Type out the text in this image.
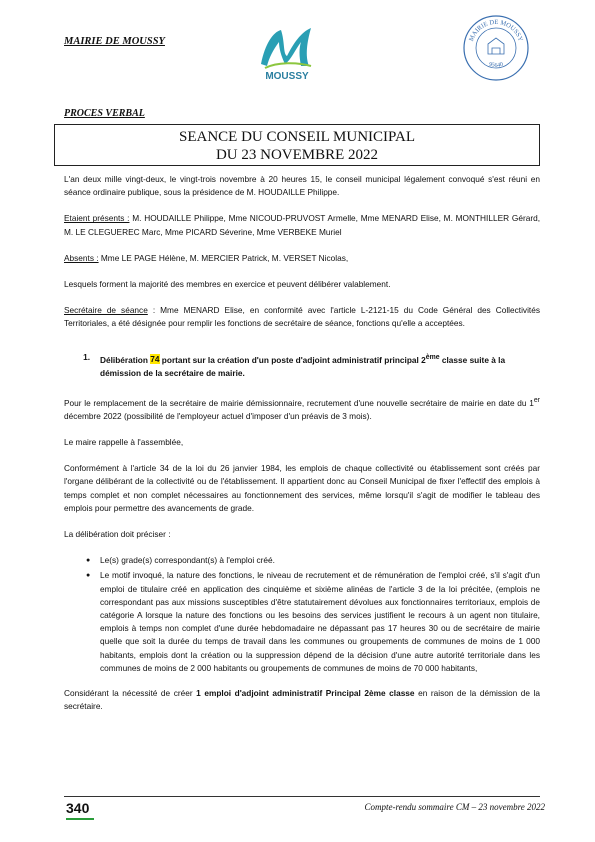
MAIRIE DE MOUSSY
MOUSSY
MAIRIE DE MOUSSY
95640
PROCES VERBAL
SEANCE DU CONSEIL MUNICIPAL
DU 23 NOVEMBRE 2022

L'an deux mille vingt-deux, le vingt-trois novembre à 20 heures 15, le conseil municipal légalement convoqué s'est réuni en séance ordinaire publique, sous la présidence de M. HOUDAILLE Philippe.

Etaient présents : M. HOUDAILLE Philippe, Mme NICOUD-PRUVOST Armelle, Mme MENARD Elise, M. MONTHILLER Gérard, M. LE CLEGUEREC Marc, Mme PICARD Séverine, Mme VERBEKE Muriel

Absents : Mme LE PAGE Hélène, M. MERCIER Patrick, M. VERSET Nicolas,

Lesquels forment la majorité des membres en exercice et peuvent délibérer valablement.

Secrétaire de séance : Mme MENARD Elise, en conformité avec l'article L-2121-15 du Code Général des Collectivités Territoriales, a été désignée pour remplir les fonctions de secrétaire de séance, fonctions qu'elle a acceptées.

1.	Délibération 74 portant sur la création d'un poste d'adjoint administratif principal 2ème classe suite à la démission de la secrétaire de mairie.

Pour le remplacement de la secrétaire de mairie démissionnaire, recrutement d'une nouvelle secrétaire de mairie en date du 1er décembre 2022 (possibilité de l'employeur actuel d'imposer d'un préavis de 3 mois).

Le maire rappelle à l'assemblée,

Conformément à l'article 34 de la loi du 26 janvier 1984, les emplois de chaque collectivité ou établissement sont créés par l'organe délibérant de la collectivité ou de l'établissement. Il appartient donc au Conseil Municipal de fixer l'effectif des emplois à temps complet et non complet nécessaires au fonctionnement des services, même lorsqu'il s'agit de modifier le tableau des emplois pour permettre des avancements de grade.

La délibération doit préciser :

● Le(s) grade(s) correspondant(s) à l'emploi créé.
● Le motif invoqué, la nature des fonctions, le niveau de recrutement et de rémunération de l'emploi créé, s'il s'agit d'un emploi de titulaire créé en application des cinquième et sixième alinéas de l'article 3 de la loi précitée, (emplois ne correspondant pas aux missions susceptibles d'être statutairement dévolues aux fonctionnaires territoriaux, emplois de catégorie A lorsque la nature des fonctions ou les besoins des services justifient le recours à un agent non titulaire, emplois à temps non complet d'une durée hebdomadaire ne dépassant pas 17 heures 30 ou de secrétaire de mairie quelle que soit la durée du temps de travail dans les communes ou groupements de communes de moins de 1 000 habitants, emplois dont la création ou la suppression dépend de la décision d'une autre autorité territoriale dans les communes de moins de 2 000 habitants ou groupements de communes de moins de 70 000 habitants,

Considérant la nécessité de créer 1 emploi d'adjoint administratif Principal 2ème classe en raison de la démission de la secrétaire.

340	Compte-rendu sommaire CM – 23 novembre 2022
